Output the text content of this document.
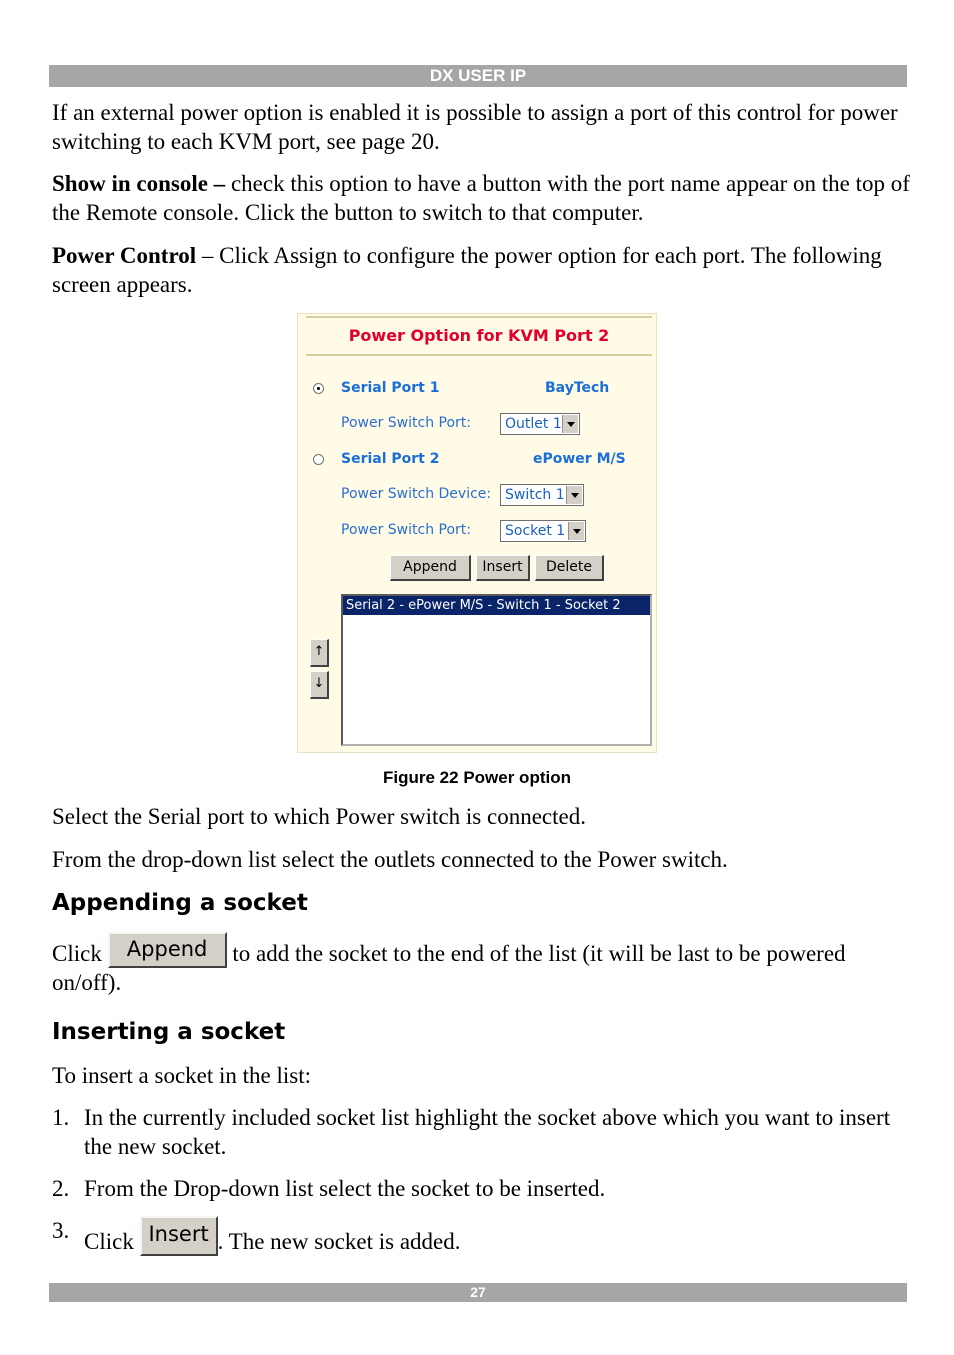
DX USER IP

If an external power option is enabled it is possible to assign a port of this control for power switching to each KVM port, see page 20.

Show in console – check this option to have a button with the port name appear on the top of the Remote console. Click the button to switch to that computer.

Power Control – Click Assign to configure the power option for each port. The following screen appears.

Power Option for KVM Port 2
Serial Port 1	BayTech
Power Switch Port:	Outlet 1
Serial Port 2	ePower M/S
Power Switch Device: Switch 1
Power Switch Port:	Socket 1
Append	Insert	Delete
↑
↓
Serial 2 - ePower M/S - Switch 1 - Socket 2
Figure 22 Power option

Select the Serial port to which Power switch is connected.

From the drop-down list select the outlets connected to the Power switch.

Appending a socket

Click Append to add the socket to the end of the list (it will be last to be powered on/off).

Inserting a socket

To insert a socket in the list:

1. In the currently included socket list highlight the socket above which you want to insert the new socket.
2. From the Drop-down list select the socket to be inserted.
3. Click Insert . The new socket is added.
27
